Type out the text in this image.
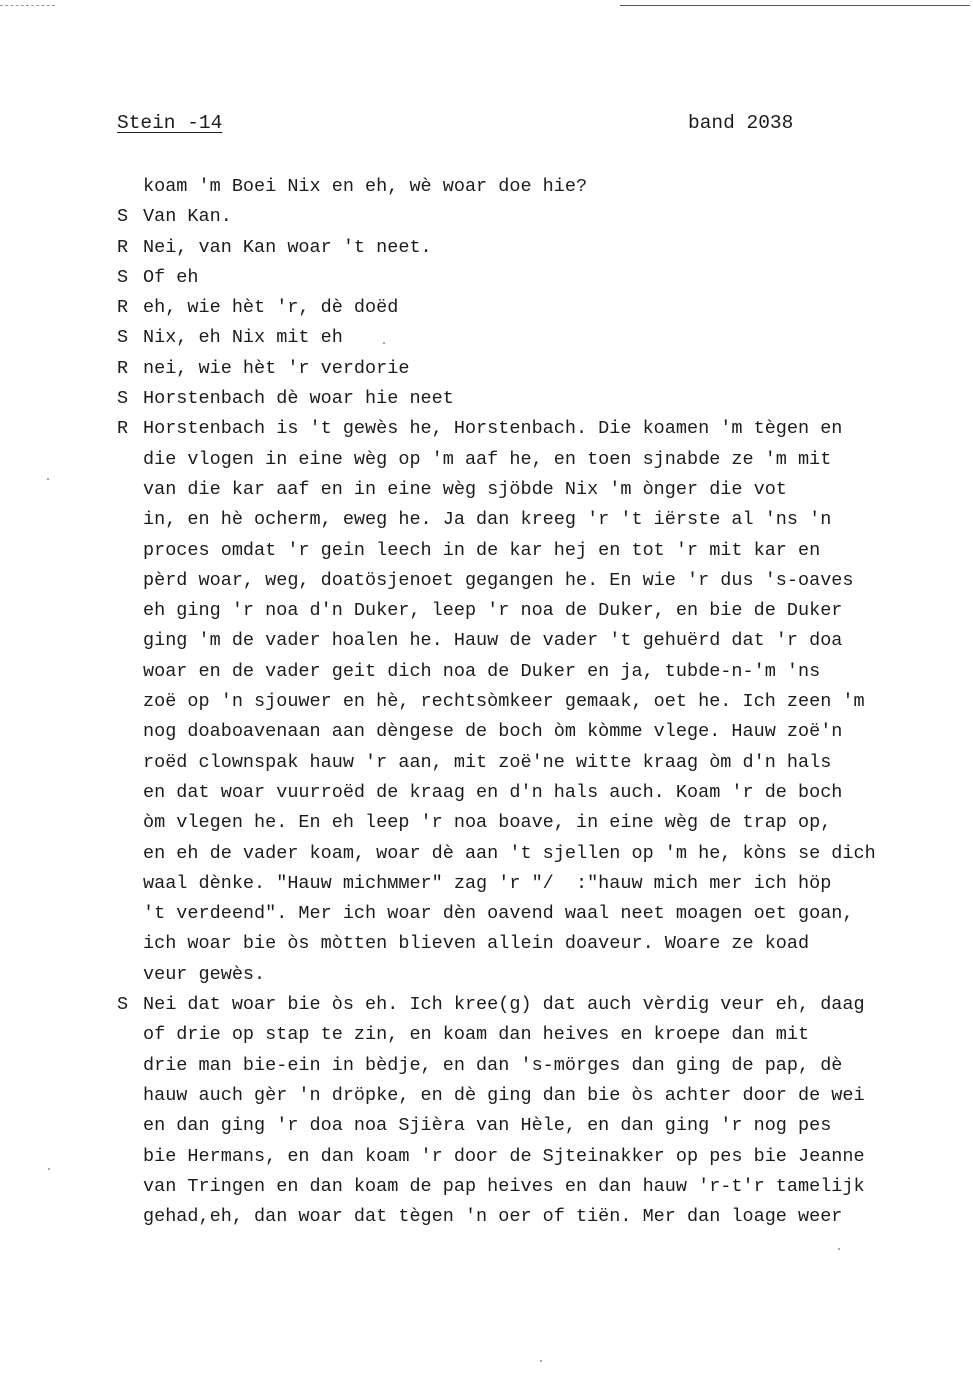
Stein -14	band 2038
koam 'm Boei Nix en eh, wè woar doe hie?
S Van Kan.
R Nei, van Kan woar 't neet.
S Of eh
R eh, wie hèt 'r, dè doëd
S Nix, eh Nix mit eh
R nei, wie hèt 'r verdorie
S Horstenbach dè woar hie neet
R Horstenbach is 't gewès he, Horstenbach. Die koamen 'm tègen en
die vlogen in eine wèg op 'm aaf he, en toen sjnabde ze 'm mit
van die kar aaf en in eine wèg sjöbde Nix 'm ònger die vot
in, en hè ocherm, eweg he. Ja dan kreeg 'r 't iërste al 'ns 'n
proces omdat 'r gein leech in de kar hej en tot 'r mit kar en
pèrd woar, weg, doatösjenoet gegangen he. En wie 'r dus 's-oaves
eh ging 'r noa d'n Duker, leep 'r noa de Duker, en bie de Duker
ging 'm de vader hoalen he. Hauw de vader 't gehuërd dat 'r doa
woar en de vader geit dich noa de Duker en ja, tubde-n-'m 'ns
zoë op 'n sjouwer en hè, rechtsòmkeer gemaak, oet he. Ich zeen 'm
nog doaboavenaan aan dèngese de boch òm kòmme vlege. Hauw zoë'n
roëd clownspak hauw 'r aan, mit zoë'ne witte kraag òm d'n hals
en dat woar vuurroëd de kraag en d'n hals auch. Koam 'r de boch
òm vlegen he. En eh leep 'r noa boave, in eine wèg de trap op,
en eh de vader koam, woar dè aan 't sjellen op 'm he, kòns se dich
waal dènke. "Hauw michммer" zag 'r "/  :"hauw mich mer ich höp
't verdeend". Mer ich woar dèn oavend waal neet moagen oet goan,
ich woar bie òs mòtten blieven allein doaveur. Woare ze koad
veur gewès.
S Nei dat woar bie òs eh. Ich kree(g) dat auch vèrdig veur eh, daag
of drie op stap te zin, en koam dan heives en kroepe dan mit
drie man bie-ein in bèdje, en dan 's-mörges dan ging de pap, dè
hauw auch gèr 'n dröpke, en dè ging dan bie òs achter door de wei
en dan ging 'r doa noa Sjièra van Hèle, en dan ging 'r nog pes
bie Hermans, en dan koam 'r door de Sjteinakker op pes bie Jeanne
van Tringen en dan koam de pap heives en dan hauw 'r-t'r tamelijk
gehad,eh, dan woar dat tègen 'n oer of tiën. Mer dan loage weer
